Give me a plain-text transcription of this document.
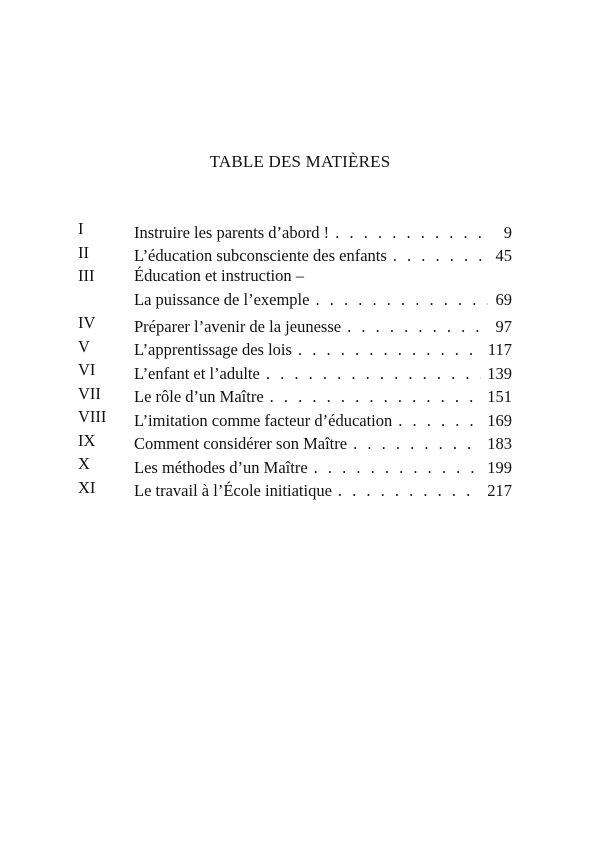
TABLE DES MATIÈRES
I	Instruire les parents d’abord ! . . .	9
II	L’éducation subconsciente des enfants . . .	45
III	Éducation et instruction –
La puissance de l’exemple . . .	69
IV	Préparer l’avenir de la jeunesse . . .	97
V	L’apprentissage des lois . . .	117
VI	L’enfant et l’adulte . . .	139
VII	Le rôle d’un Maître . . .	151
VIII	L’imitation comme facteur d’éducation . . .	169
IX	Comment considérer son Maître . . .	183
X	Les méthodes d’un Maître . . .	199
XI	Le travail à l’École initiatique . . .	217
